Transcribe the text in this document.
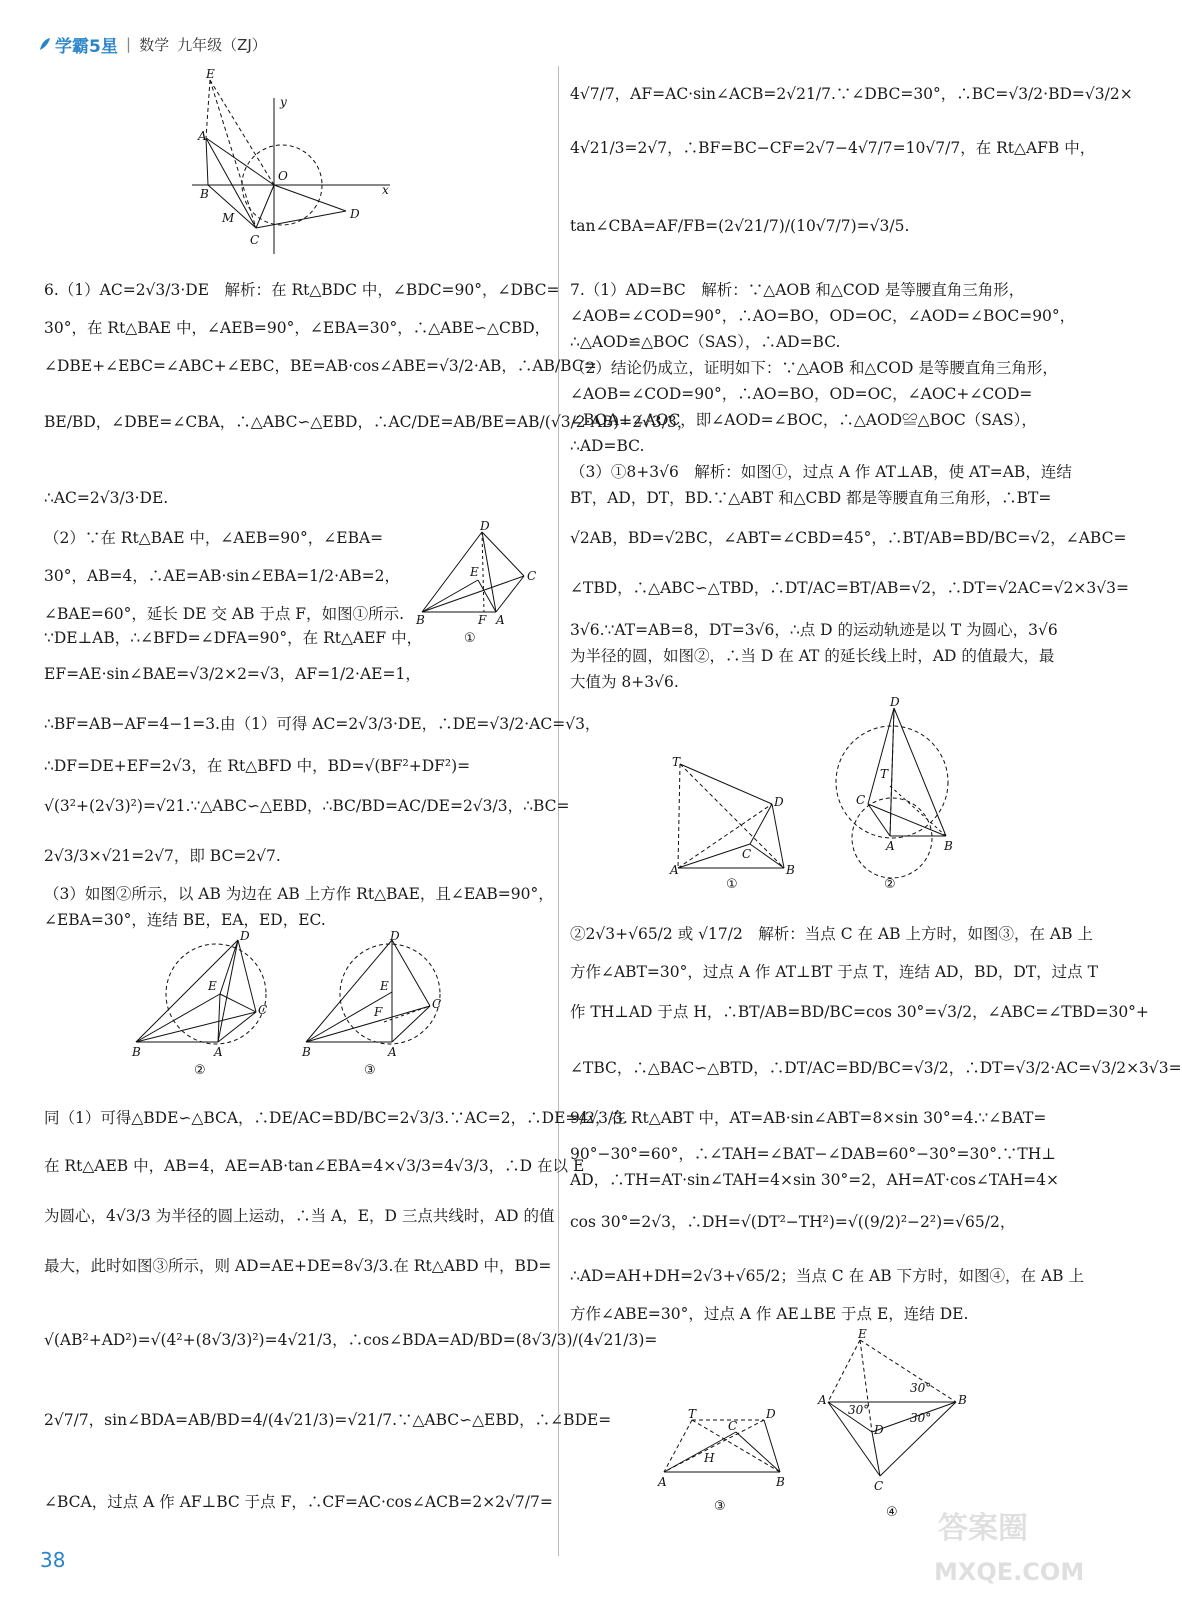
学霸5星 | 数学 九年级（ZJ）
E
A
y
O
B	x
M
C
D
6.（1）AC=2√3/3·DE　解析：在 Rt△BDC 中，∠BDC=90°，∠DBC=
30°，在 Rt△BAE 中，∠AEB=90°，∠EBA=30°，∴△ABE∽△CBD，
∠DBE+∠EBC=∠ABC+∠EBC，BE=AB·cos∠ABE=√3/2·AB，∴AB/BC=
BE/BD，∠DBE=∠CBA，∴△ABC∽△EBD，∴AC/DE=AB/BE=AB/(√3/2·AB)=2√3/3，
∴AC=2√3/3·DE.
（2）∵在 Rt△BAE 中，∠AEB=90°，∠EBA=
30°，AB=4，∴AE=AB·sin∠EBA=1/2·AB=2，
∠BAE=60°，延长 DE 交 AB 于点 F，如图①所示.
∵DE⊥AB，∴∠BFD=∠DFA=90°，在 Rt△AEF 中，
D
E	C
B	F A
①
EF=AE·sin∠BAE=√3/2×2=√3，AF=1/2·AE=1，
∴BF=AB−AF=4−1=3.由（1）可得 AC=2√3/3·DE，∴DE=√3/2·AC=√3，
∴DF=DE+EF=2√3，在 Rt△BFD 中，BD=√(BF²+DF²)=
√(3²+(2√3)²)=√21.∵△ABC∽△EBD，∴BC/BD=AC/DE=2√3/3，∴BC=
2√3/3×√21=2√7，即 BC=2√7.
（3）如图②所示，以 AB 为边在 AB 上方作 Rt△BAE，且∠EAB=90°，
∠EBA=30°，连结 BE，EA，ED，EC.
D
E
C
B	A
②
D
E
F
C
B	A
③
同（1）可得△BDE∽△BCA，∴DE/AC=BD/BC=2√3/3.∵AC=2，∴DE=4√3/3.
在 Rt△AEB 中，AB=4，AE=AB·tan∠EBA=4×√3/3=4√3/3，∴D 在以 E
为圆心，4√3/3 为半径的圆上运动，∴当 A，E，D 三点共线时，AD 的值
最大，此时如图③所示，则 AD=AE+DE=8√3/3.在 Rt△ABD 中，BD=
√(AB²+AD²)=√(4²+(8√3/3)²)=4√21/3，∴cos∠BDA=AD/BD=(8√3/3)/(4√21/3)=
2√7/7，sin∠BDA=AB/BD=4/(4√21/3)=√21/7.∵△ABC∽△EBD，∴∠BDE=
∠BCA，过点 A 作 AF⊥BC 于点 F，∴CF=AC·cos∠ACB=2×2√7/7=
4√7/7，AF=AC·sin∠ACB=2√21/7.∵∠DBC=30°，∴BC=√3/2·BD=√3/2×
4√21/3=2√7，∴BF=BC−CF=2√7−4√7/7=10√7/7，在 Rt△AFB 中，
tan∠CBA=AF/FB=(2√21/7)/(10√7/7)=√3/5.
7.（1）AD=BC　解析：∵△AOB 和△COD 是等腰直角三角形，
∠AOB=∠COD=90°，∴AO=BO，OD=OC，∠AOD=∠BOC=90°，
∴△AOD≌△BOC（SAS），∴AD=BC.
（2）结论仍成立，证明如下：∵△AOB 和△COD 是等腰直角三角形，
∠AOB=∠COD=90°，∴AO=BO，OD=OC，∠AOC+∠COD=
∠BOA+∠AOC，即∠AOD=∠BOC，∴△AOD≌△BOC（SAS），
∴AD=BC.
（3）①8+3√6　解析：如图①，过点 A 作 AT⊥AB，使 AT=AB，连结
BT，AD，DT，BD.∵△ABT 和△CBD 都是等腰直角三角形，∴BT=
√2AB，BD=√2BC，∠ABT=∠CBD=45°，∴BT/AB=BD/BC=√2，∠ABC=
∠TBD，∴△ABC∽△TBD，∴DT/AC=BT/AB=√2，∴DT=√2AC=√2×3√3=
3√6.∵AT=AB=8，DT=3√6，∴点 D 的运动轨迹是以 T 为圆心，3√6
为半径的圆，如图②，∴当 D 在 AT 的延长线上时，AD 的值最大，最
大值为 8+3√6.
T
D
C
A	B
①
D
T
C
A	B
②
②2√3+√65/2 或 √17/2　解析：当点 C 在 AB 上方时，如图③，在 AB 上
方作∠ABT=30°，过点 A 作 AT⊥BT 于点 T，连结 AD，BD，DT，过点 T
作 TH⊥AD 于点 H，∴BT/AB=BD/BC=cos 30°=√3/2，∠ABC=∠TBD=30°+
∠TBC，∴△BAC∽△BTD，∴DT/AC=BD/BC=√3/2，∴DT=√3/2·AC=√3/2×3√3=
9/2，在 Rt△ABT 中，AT=AB·sin∠ABT=8×sin 30°=4.∵∠BAT=
90°−30°=60°，∴∠TAH=∠BAT−∠DAB=60°−30°=30°.∵TH⊥
AD，∴TH=AT·sin∠TAH=4×sin 30°=2，AH=AT·cos∠TAH=4×
cos 30°=2√3，∴DH=√(DT²−TH²)=√((9/2)²−2²)=√65/2，
∴AD=AH+DH=2√3+√65/2；当点 C 在 AB 下方时，如图④，在 AB 上
方作∠ABE=30°，过点 A 作 AE⊥BE 于点 E，连结 DE.
T
C
D
H
A	B
③
E
30°
A
30°
30°
B
D
C
④ 答案圈
MXQE.COM
38
